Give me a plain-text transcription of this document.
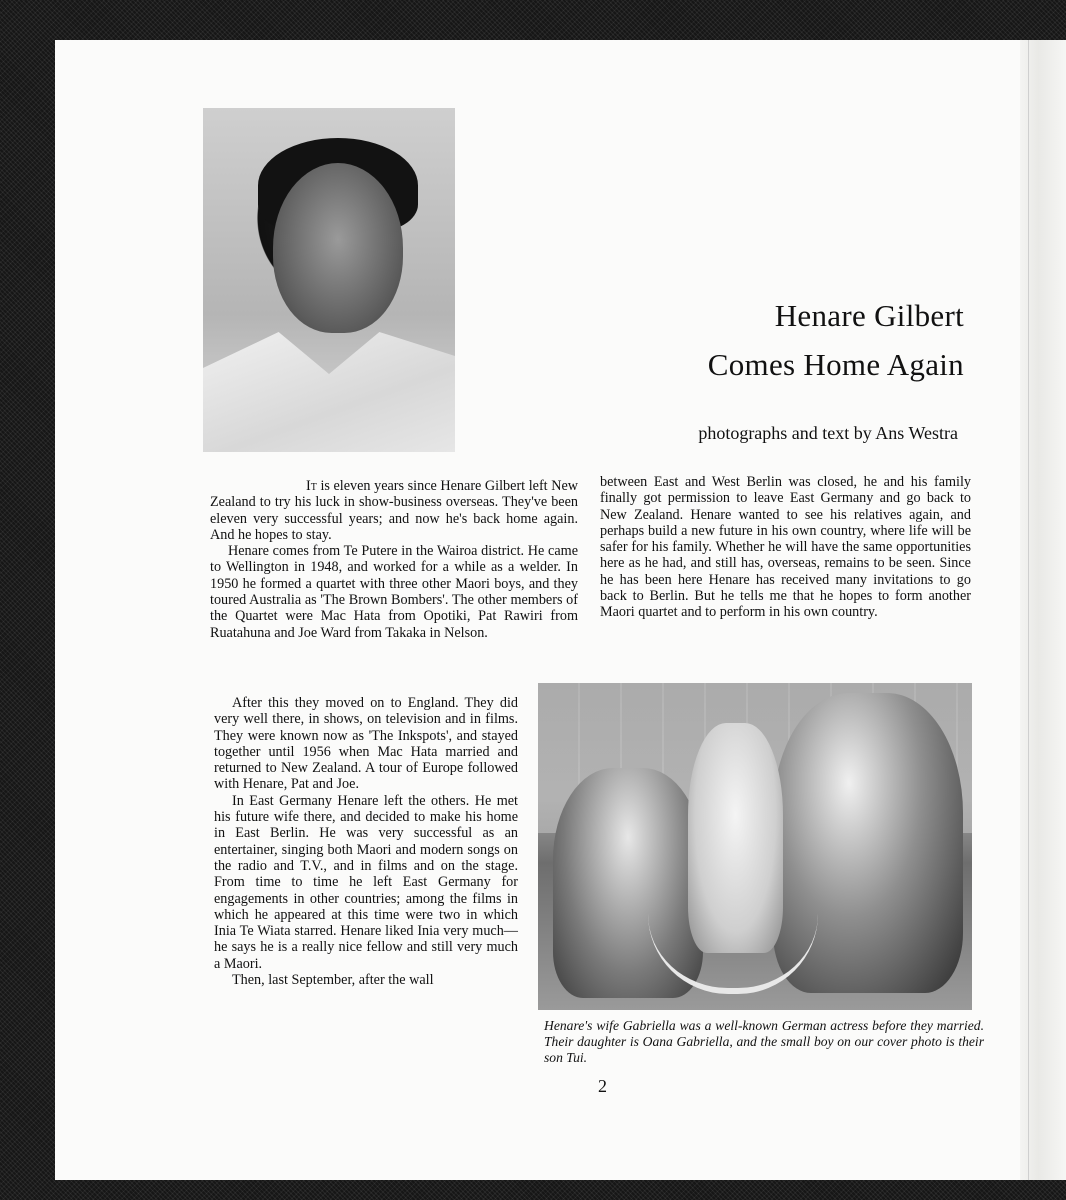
Henare Gilbert
Comes Home Again
photographs and text by Ans Westra

It is eleven years since Henare Gilbert left New Zealand to try his luck in show-business overseas. They've been eleven very successful years; and now he's back home again. And he hopes to stay.

Henare comes from Te Putere in the Wairoa district. He came to Wellington in 1948, and worked for a while as a welder. In 1950 he formed a quartet with three other Maori boys, and they toured Australia as 'The Brown Bombers'. The other members of the Quartet were Mac Hata from Opotiki, Pat Rawiri from Ruatahuna and Joe Ward from Takaka in Nelson.

After this they moved on to England. They did very well there, in shows, on television and in films. They were known now as 'The Inkspots', and stayed together until 1956 when Mac Hata married and returned to New Zealand. A tour of Europe followed with Henare, Pat and Joe.

In East Germany Henare left the others. He met his future wife there, and decided to make his home in East Berlin. He was very successful as an entertainer, singing both Maori and modern songs on the radio and T.V., and in films and on the stage. From time to time he left East Germany for engagements in other countries; among the films in which he appeared at this time were two in which Inia Te Wiata starred. Henare liked Inia very much—he says he is a really nice fellow and still very much a Maori.

Then, last September, after the wall

between East and West Berlin was closed, he and his family finally got permission to leave East Germany and go back to New Zealand. Henare wanted to see his relatives again, and perhaps build a new future in his own country, where life will be safer for his family. Whether he will have the same opportunities here as he had, and still has, overseas, remains to be seen. Since he has been here Henare has received many invitations to go back to Berlin. But he tells me that he hopes to form another Maori quartet and to perform in his own country.

Henare's wife Gabriella was a well-known German actress before they married. Their daughter is Oana Gabriella, and the small boy on our cover photo is their son Tui.
2
